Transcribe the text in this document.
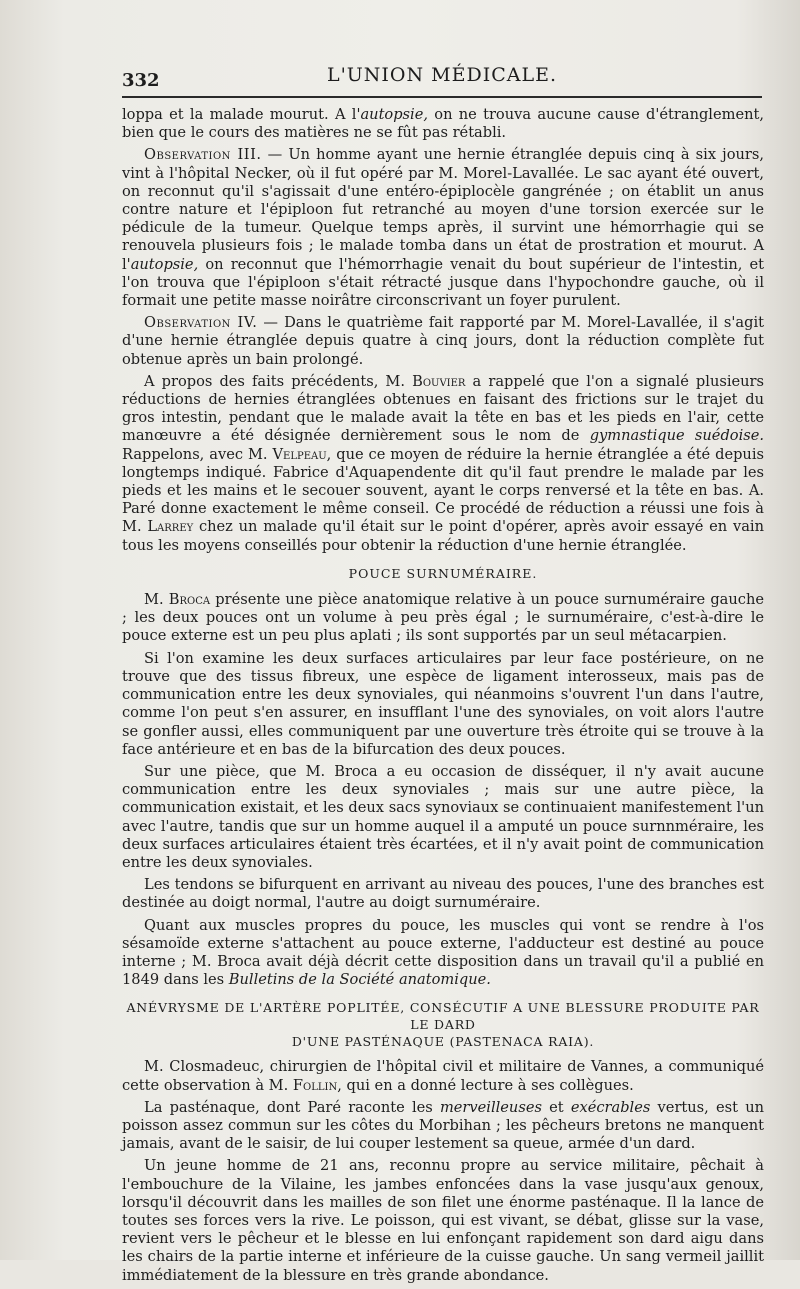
332	L'UNION MÉDICALE.

loppa et la malade mourut. A l'autopsie, on ne trouva aucune cause d'étranglement, bien que le cours des matières ne se fût pas rétabli.

Observation III. — Un homme ayant une hernie étranglée depuis cinq à six jours, vint à l'hôpital Necker, où il fut opéré par M. Morel-Lavallée. Le sac ayant été ouvert, on reconnut qu'il s'agissait d'une entéro-épiplocèle gangrénée ; on établit un anus contre nature et l'épiploon fut retranché au moyen d'une torsion exercée sur le pédicule de la tumeur. Quelque temps après, il survint une hémorrhagie qui se renouvela plusieurs fois ; le malade tomba dans un état de prostration et mourut. A l'autopsie, on reconnut que l'hémorrhagie venait du bout supérieur de l'intestin, et l'on trouva que l'épiploon s'était rétracté jusque dans l'hypochondre gauche, où il formait une petite masse noirâtre circonscrivant un foyer purulent.

Observation IV. — Dans le quatrième fait rapporté par M. Morel-Lavallée, il s'agit d'une hernie étranglée depuis quatre à cinq jours, dont la réduction complète fut obtenue après un bain prolongé.

A propos des faits précédents, M. Bouvier a rappelé que l'on a signalé plusieurs réductions de hernies étranglées obtenues en faisant des frictions sur le trajet du gros intestin, pendant que le malade avait la tête en bas et les pieds en l'air, cette manœuvre a été désignée dernièrement sous le nom de gymnastique suédoise. Rappelons, avec M. Velpeau, que ce moyen de réduire la hernie étranglée a été depuis longtemps indiqué. Fabrice d'Aquapendente dit qu'il faut prendre le malade par les pieds et les mains et le secouer souvent, ayant le corps renversé et la tête en bas. A. Paré donne exactement le même conseil. Ce procédé de réduction a réussi une fois à M. Larrey chez un malade qu'il était sur le point d'opérer, après avoir essayé en vain tous les moyens conseillés pour obtenir la réduction d'une hernie étranglée.

POUCE SURNUMÉRAIRE.

M. Broca présente une pièce anatomique relative à un pouce surnuméraire gauche ; les deux pouces ont un volume à peu près égal ; le surnuméraire, c'est-à-dire le pouce externe est un peu plus aplati ; ils sont supportés par un seul métacarpien.

Si l'on examine les deux surfaces articulaires par leur face postérieure, on ne trouve que des tissus fibreux, une espèce de ligament interosseux, mais pas de communication entre les deux synoviales, qui néanmoins s'ouvrent l'un dans l'autre, comme l'on peut s'en assurer, en insufflant l'une des synoviales, on voit alors l'autre se gonfler aussi, elles communiquent par une ouverture très étroite qui se trouve à la face antérieure et en bas de la bifurcation des deux pouces.

Sur une pièce, que M. Broca a eu occasion de disséquer, il n'y avait aucune communication entre les deux synoviales ; mais sur une autre pièce, la communication existait, et les deux sacs synoviaux se continuaient manifestement l'un avec l'autre, tandis que sur un homme auquel il a amputé un pouce surnnméraire, les deux surfaces articulaires étaient très écartées, et il n'y avait point de communication entre les deux synoviales.

Les tendons se bifurquent en arrivant au niveau des pouces, l'une des branches est destinée au doigt normal, l'autre au doigt surnuméraire.

Quant aux muscles propres du pouce, les muscles qui vont se rendre à l'os sésamoïde externe s'attachent au pouce externe, l'adducteur est destiné au pouce interne ; M. Broca avait déjà décrit cette disposition dans un travail qu'il a publié en 1849 dans les Bulletins de la Société anatomique.

ANÉVRYSME DE L'ARTÈRE POPLITÉE, CONSÉCUTIF A UNE BLESSURE PRODUITE PAR LE DARD
D'UNE PASTÉNAQUE (PASTENACA RAIA).

M. Closmadeuc, chirurgien de l'hôpital civil et militaire de Vannes, a communiqué cette observation à M. Follin, qui en a donné lecture à ses collègues.

La pasténaque, dont Paré raconte les merveilleuses et exécrables vertus, est un poisson assez commun sur les côtes du Morbihan ; les pêcheurs bretons ne manquent jamais, avant de le saisir, de lui couper lestement sa queue, armée d'un dard.

Un jeune homme de 21 ans, reconnu propre au service militaire, pêchait à l'embouchure de la Vilaine, les jambes enfoncées dans la vase jusqu'aux genoux, lorsqu'il découvrit dans les mailles de son filet une énorme pasténaque. Il la lance de toutes ses forces vers la rive. Le poisson, qui est vivant, se débat, glisse sur la vase, revient vers le pêcheur et le blesse en lui enfonçant rapidement son dard aigu dans les chairs de la partie interne et inférieure de la cuisse gauche. Un sang vermeil jaillit immédiatement de la blessure en très grande abondance.
